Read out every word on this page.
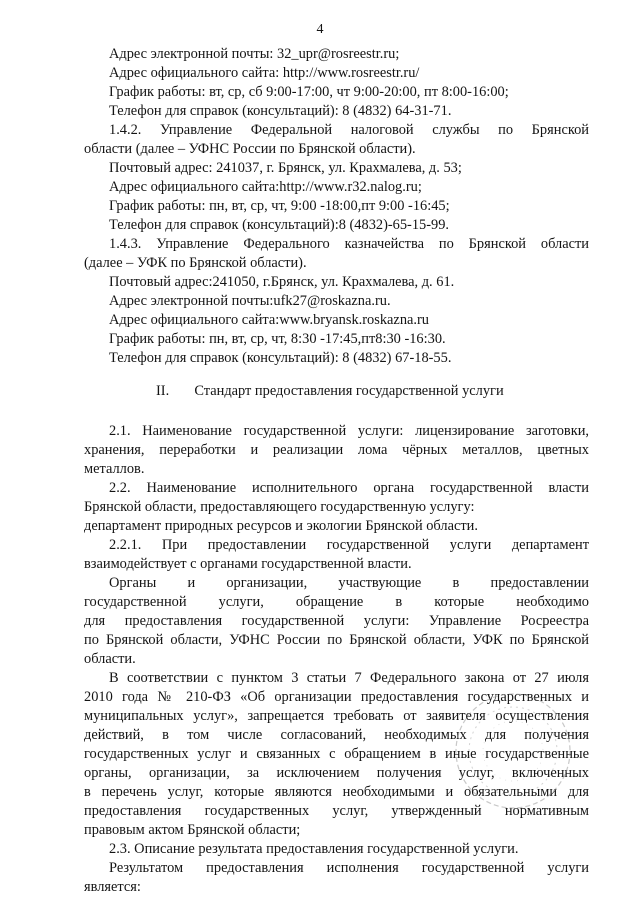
4
Адрес электронной почты: 32_upr@rosreestr.ru;
Адрес официального сайта: http://www.rosreestr.ru/
График работы: вт, ср, сб 9:00-17:00, чт 9:00-20:00, пт 8:00-16:00;
Телефон для справок (консультаций): 8 (4832) 64-31-71.
1.4.2. Управление Федеральной налоговой службы по Брянской
области (далее – УФНС России по Брянской области).
Почтовый адрес: 241037, г. Брянск, ул. Крахмалева, д. 53;
Адрес официального сайта:http://www.r32.nalog.ru;
График работы: пн, вт, ср, чт, 9:00 -18:00,пт 9:00 -16:45;
Телефон для справок (консультаций):8 (4832)-65-15-99.
1.4.3. Управление Федерального казначейства по Брянской области
(далее – УФК по Брянской области).
Почтовый адрес:241050, г.Брянск, ул. Крахмалева, д. 61.
Адрес электронной почты:ufk27@roskazna.ru.
Адрес официального сайта:www.bryansk.roskazna.ru
График работы: пн, вт, ср, чт, 8:30 -17:45,пт8:30 -16:30.
Телефон для справок (консультаций): 8 (4832) 67-18-55.
II.       Стандарт предоставления государственной услуги
2.1. Наименование государственной услуги: лицензирование заготовки,
хранения, переработки и реализации лома чёрных металлов, цветных
металлов.
2.2. Наименование исполнительного органа государственной власти
Брянской области, предоставляющего государственную услугу:
департамент природных ресурсов и экологии Брянской области.
2.2.1. При предоставлении государственной услуги департамент
взаимодействует с органами государственной власти.
Органы и организации, участвующие в предоставлении
государственной услуги, обращение в которые необходимо
для предоставления государственной услуги: Управление Росреестра
по Брянской области, УФНС России по Брянской области, УФК по Брянской
области.
В соответствии с пунктом 3 статьи 7 Федерального закона от 27 июля
2010 года № 210-ФЗ «Об организации предоставления государственных и
муниципальных услуг», запрещается требовать от заявителя осуществления
действий, в том числе согласований, необходимых для получения
государственных услуг и связанных с обращением в иные государственные
органы, организации, за исключением получения услуг, включенных
в перечень услуг, которые являются необходимыми и обязательными для
предоставления государственных услуг, утвержденный нормативным
правовым актом Брянской области;
2.3. Описание результата предоставления государственной услуги.
Результатом предоставления исполнения государственной услуги
является:
